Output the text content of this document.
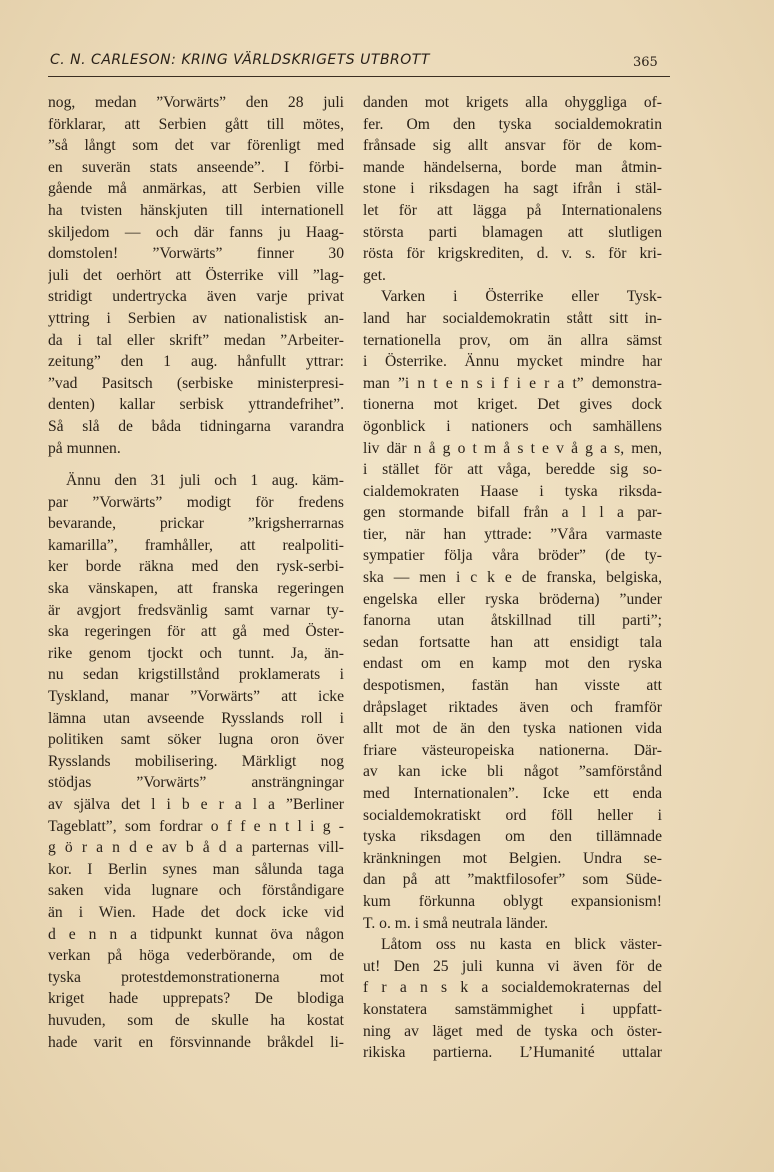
C. N. CARLESON: KRING VÄRLDSKRIGETS UTBROTT	365
nog, medan ”Vorwärts” den 28 juli
förklarar, att Serbien gått till mötes,
”så långt som det var förenligt med
en suverän stats anseende”. I förbi-
gående må anmärkas, att Serbien ville
ha tvisten hänskjuten till internationell
skiljedom — och där fanns ju Haag-
domstolen! ”Vorwärts” finner 30
juli det oerhört att Österrike vill ”lag-
stridigt undertrycka även varje privat
yttring i Serbien av nationalistisk an-
da i tal eller skrift” medan ”Arbeiter-
zeitung” den 1 aug. hånfullt yttrar:
”vad Pasitsch (serbiske ministerpresi-
denten) kallar serbisk yttrandefrihet”.
Så slå de båda tidningarna varandra
på munnen.
Ännu den 31 juli och 1 aug. käm-
par ”Vorwärts” modigt för fredens
bevarande, prickar ”krigsherrarnas
kamarilla”, framhåller, att realpoliti-
ker borde räkna med den rysk-serbi-
ska vänskapen, att franska regeringen
är avgjort fredsvänlig samt varnar ty-
ska regeringen för att gå med Öster-
rike genom tjockt och tunnt. Ja, än-
nu sedan krigstillstånd proklamerats i
Tyskland, manar ”Vorwärts” att icke
lämna utan avseende Rysslands roll i
politiken samt söker lugna oron över
Rysslands mobilisering. Märkligt nog
stödjas ”Vorwärts” ansträngningar
av själva det l i b e r a l a ”Berliner
Tageblatt”, som fordrar o f f e n t l i g -
g ö r a n d e av b å d a parternas vill-
kor. I Berlin synes man sålunda taga
saken vida lugnare och förståndigare
än i Wien. Hade det dock icke vid
d e n n a tidpunkt kunnat öva någon
verkan på höga vederbörande, om de
tyska protestdemonstrationerna mot
kriget hade upprepats? De blodiga
huvuden, som de skulle ha kostat
hade varit en försvinnande bråkdel li-
danden mot krigets alla ohyggliga of-
fer. Om den tyska socialdemokratin
frånsade sig allt ansvar för de kom-
mande händelserna, borde man åtmin-
stone i riksdagen ha sagt ifrån i stäl-
let för att lägga på Internationalens
största parti blamagen att slutligen
rösta för krigskrediten, d. v. s. för kri-
get.
Varken i Österrike eller Tysk-
land har socialdemokratin stått sitt in-
ternationella prov, om än allra sämst
i Österrike. Ännu mycket mindre har
man ”i n t e n s i f i e r a t” demonstra-
tionerna mot kriget. Det gives dock
ögonblick i nationers och samhällens
liv där n å g o t m å s t e v å g a s, men,
i stället för att våga, beredde sig so-
cialdemokraten Haase i tyska riksda-
gen stormande bifall från a l l a par-
tier, när han yttrade: ”Våra varmaste
sympatier följa våra bröder” (de ty-
ska — men i c k e de franska, belgiska,
engelska eller ryska bröderna) ”under
fanorna utan åtskillnad till parti”;
sedan fortsatte han att ensidigt tala
endast om en kamp mot den ryska
despotismen, fastän han visste att
dråpslaget riktades även och framför
allt mot de än den tyska nationen vida
friare västeuropeiska nationerna. Där-
av kan icke bli något ”samförstånd
med Internationalen”. Icke ett enda
socialdemokratiskt ord föll heller i
tyska riksdagen om den tillämnade
kränkningen mot Belgien. Undra se-
dan på att ”maktfilosofer” som Süde-
kum förkunna oblygt expansionism!
T. o. m. i små neutrala länder.
Låtom oss nu kasta en blick väster-
ut! Den 25 juli kunna vi även för de
f r a n s k a socialdemokraternas del
konstatera samstämmighet i uppfatt-
ning av läget med de tyska och öster-
rikiska partierna. L’Humanité uttalar
